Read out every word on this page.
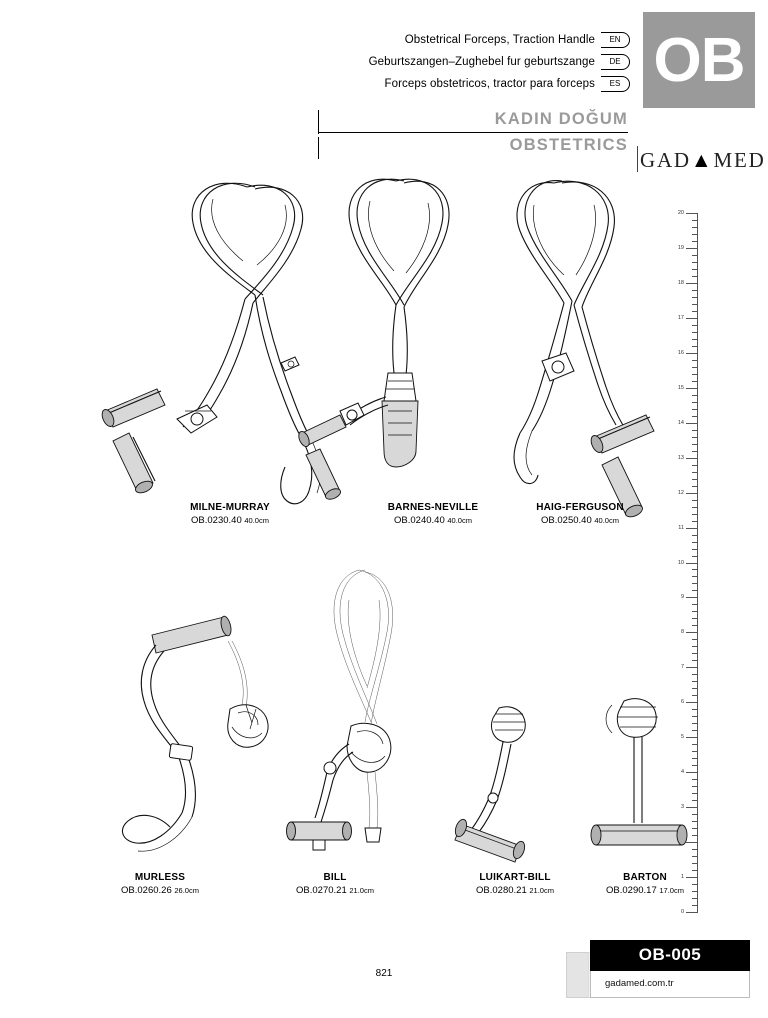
Obstetrical Forceps, Traction Handle	EN
Geburtszangen–Zughebel fur geburtszange	DE
Forceps obstetricos, tractor para forceps	ES OB
KADIN DOĞUM
OBSTETRICS
GAD▲MED
20
19
18
17
16
15
14
13
12
11
10
9
8
7
6
5
4
3
1
0
MILNE-MURRAY
OB.0230.40 40.0cm
BARNES-NEVILLE
OB.0240.40 40.0cm
HAIG-FERGUSON
OB.0250.40 40.0cm
MURLESS
OB.0260.26 26.0cm
BILL
OB.0270.21 21.0cm
LUIKART-BILL
OB.0280.21 21.0cm
BARTON
OB.0290.17 17.0cm
821
OB-005
gadamed.com.tr
